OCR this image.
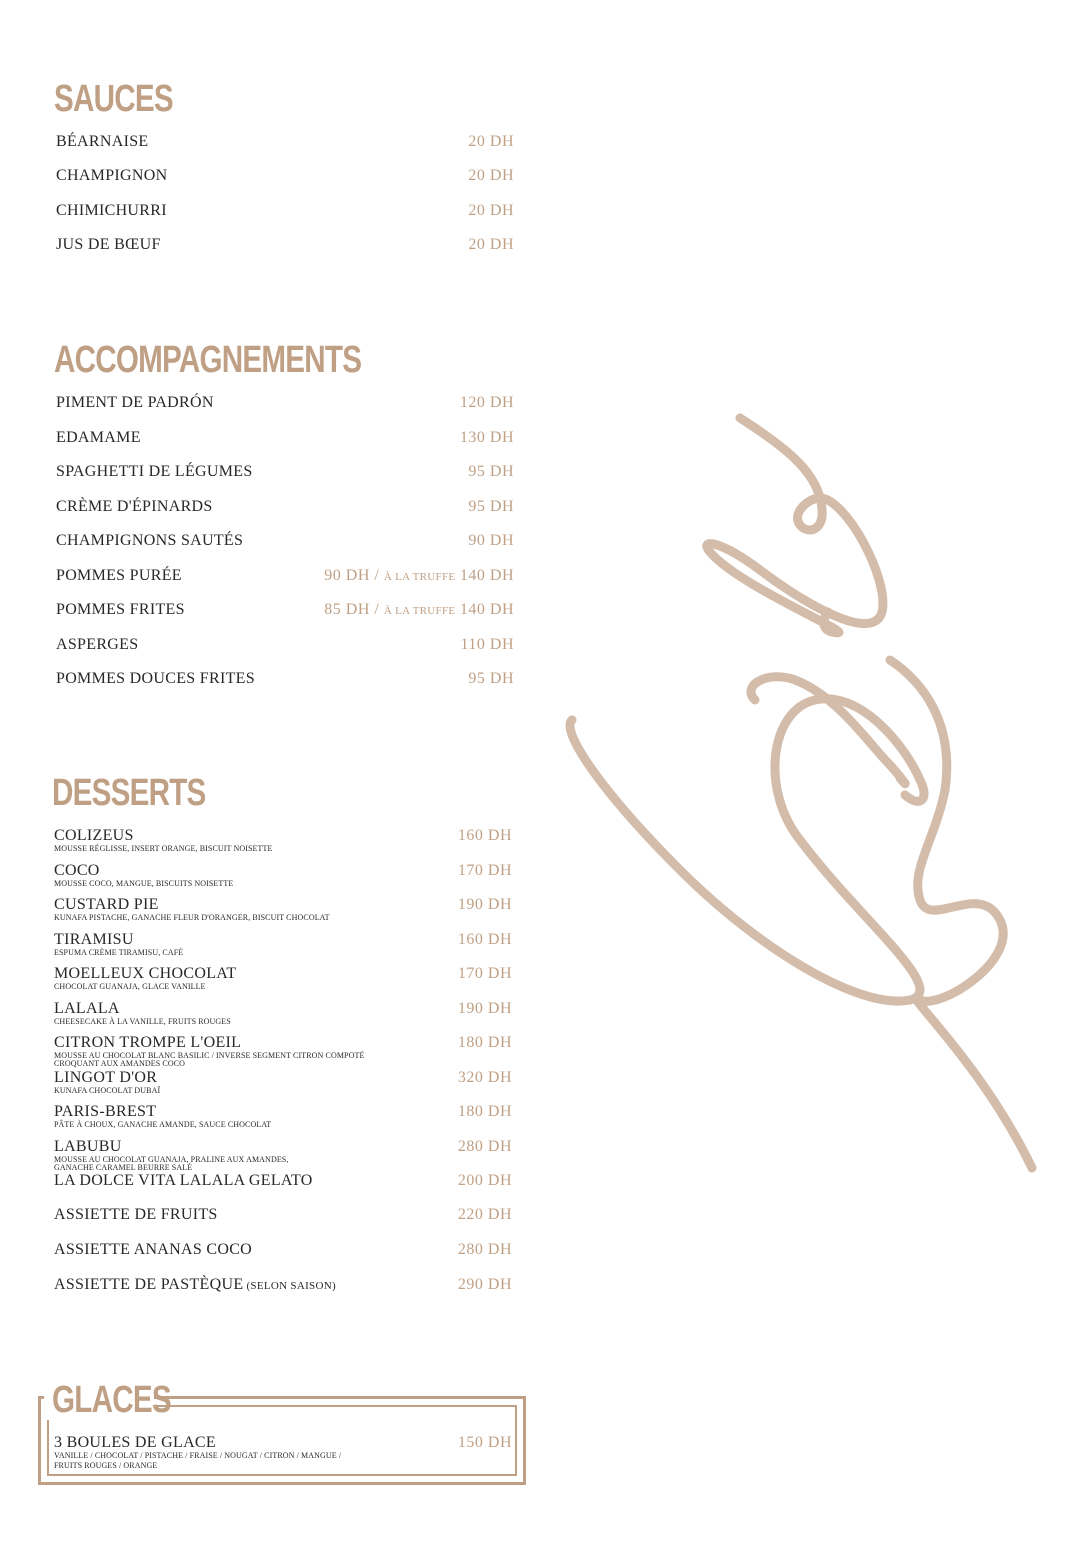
SAUCES
BÉARNAISE	20 DH
CHAMPIGNON	20 DH
CHIMICHURRI	20 DH
JUS DE BŒUF	20 DH
ACCOMPAGNEMENTS
PIMENT DE PADRÓN	120 DH
EDAMAME	130 DH
SPAGHETTI DE LÉGUMES	95 DH
CRÈME D'ÉPINARDS	95 DH
CHAMPIGNONS SAUTÉS	90 DH
POMMES PURÉE	90 DH / À LA TRUFFE 140 DH
POMMES FRITES	85 DH / À LA TRUFFE 140 DH
ASPERGES	110 DH
POMMES DOUCES FRITES	95 DH
DESSERTS
COLIZEUS
MOUSSE RÉGLISSE, INSERT ORANGE, BISCUIT NOISETTE
160 DH
COCO
MOUSSE COCO, MANGUE, BISCUITS NOISETTE
170 DH
CUSTARD PIE
KUNAFA PISTACHE, GANACHE FLEUR D'ORANGER, BISCUIT CHOCOLAT
190 DH
TIRAMISU
ESPUMA CRÈME TIRAMISU, CAFÉ
160 DH
MOELLEUX CHOCOLAT
CHOCOLAT GUANAJA, GLACE VANILLE
170 DH
LALALA
CHEESECAKE À LA VANILLE, FRUITS ROUGES
190 DH
CITRON TROMPE L'OEIL
MOUSSE AU CHOCOLAT BLANC BASILIC / INVERSE SEGMENT CITRON COMPOTÉ
CROQUANT AUX AMANDES COCO
180 DH
LINGOT D'OR
KUNAFA CHOCOLAT DUBAÏ
320 DH
PARIS-BREST
PÂTE À CHOUX, GANACHE AMANDE, SAUCE CHOCOLAT
180 DH
LABUBU
MOUSSE AU CHOCOLAT GUANAJA, PRALINE AUX AMANDES,
GANACHE CARAMEL BEURRE SALÉ
280 DH
LA DOLCE VITA LALALA GELATO	200 DH
ASSIETTE DE FRUITS	220 DH
ASSIETTE ANANAS COCO	280 DH
ASSIETTE DE PASTÈQUE (SELON SAISON)	290 DH
GLACES
3 BOULES DE GLACE
VANILLE / CHOCOLAT / PISTACHE / FRAISE / NOUGAT / CITRON / MANGUE /
FRUITS ROUGES / ORANGE
150 DH
